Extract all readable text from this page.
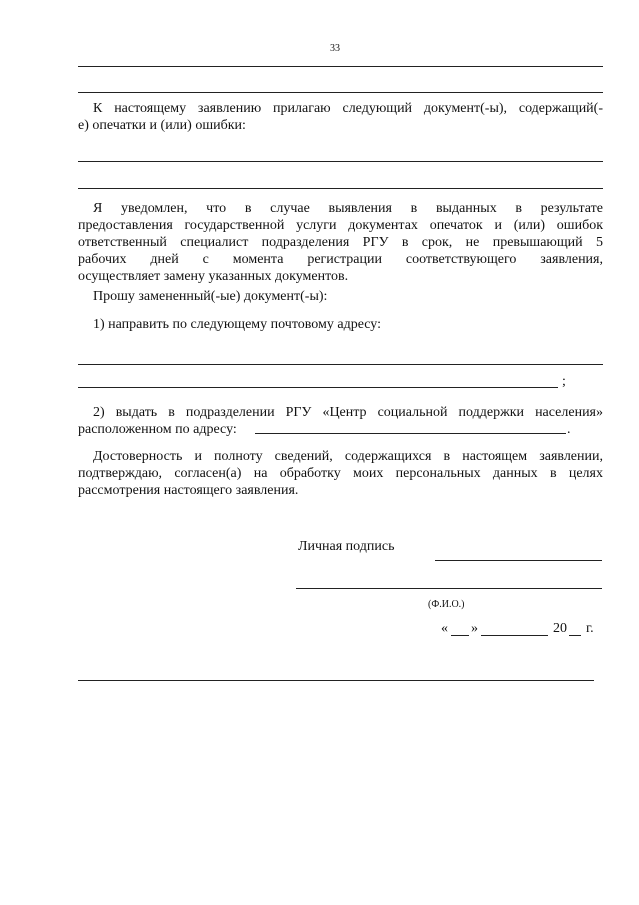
33
К настоящему заявлению прилагаю следующий документ(-ы), содержащий(-
е) опечатки и (или) ошибки:
Я уведомлен, что в случае выявления в выданных в результате
предоставления государственной услуги документах опечаток и (или) ошибок
ответственный специалист подразделения РГУ в срок, не превышающий 5
рабочих дней с момента регистрации соответствующего заявления,
осуществляет замену указанных документов.
Прошу замененный(-ые) документ(-ы):
1) направить по следующему почтовому адресу:
;
2) выдать в подразделении РГУ «Центр социальной поддержки населения»
расположенном по адресу:	.
Достоверность и полноту сведений, содержащихся в настоящем заявлении,
подтверждаю, согласен(а) на обработку моих персональных данных в целях
рассмотрения настоящего заявления.
Личная подпись
(Ф.И.О.)
« »	20 г.
